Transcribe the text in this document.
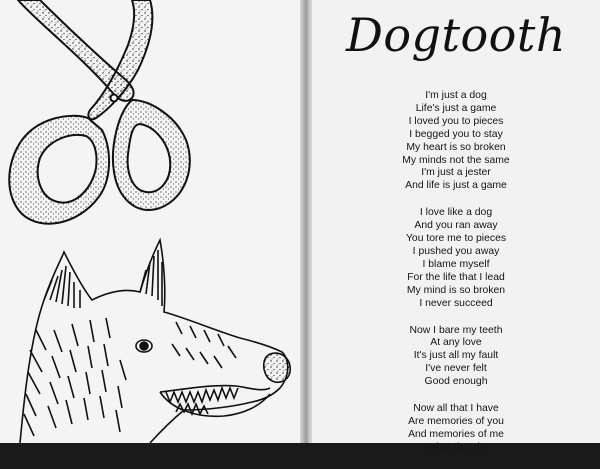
Dogtooth
I'm just a dog
Life's just a game
I loved you to pieces
I begged you to stay
My heart is so broken
My minds not the same
I'm just a jester
And life is just a game
I love like a dog
And you ran away
You tore me to pieces
I pushed you away
I blame myself
For the life that I lead
My mind is so broken
I never succeed
Now I bare my teeth
At any love
It's just all my fault
I've never felt
Good enough
Now all that I have
Are memories of you
And memories of me
What do I do
